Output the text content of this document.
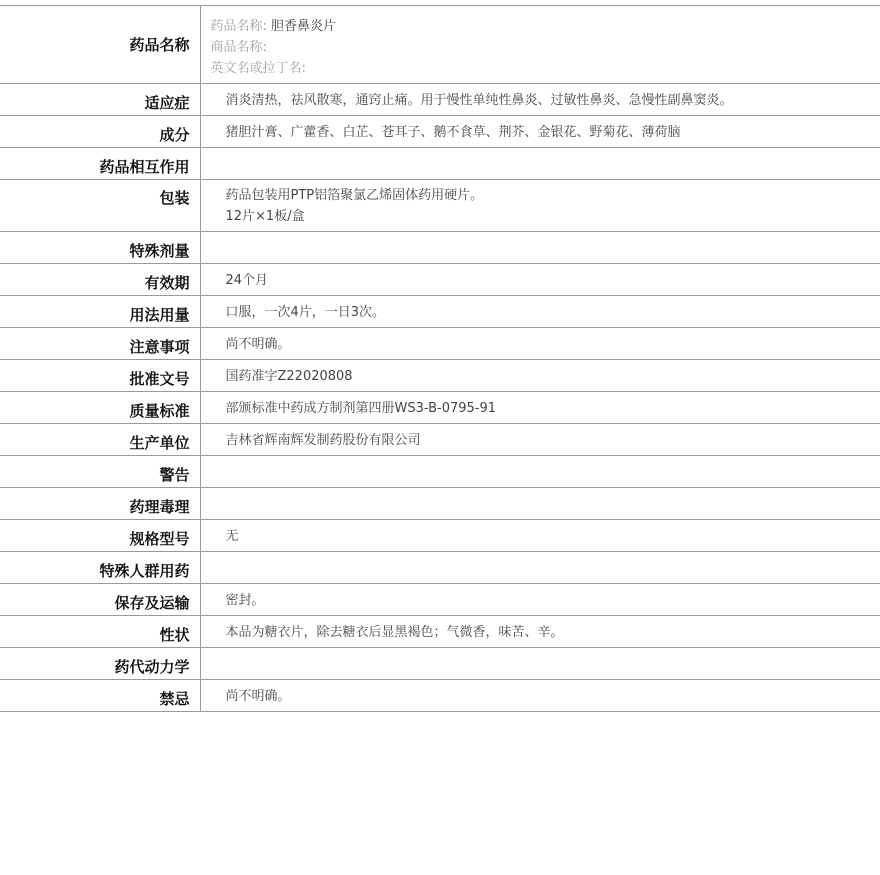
药品名称	药品名称: 胆香鼻炎片
商品名称:
英文名或拉丁名:

适应症	消炎清热，祛风散寒，通窍止痛。用于慢性单纯性鼻炎、过敏性鼻炎、急慢性副鼻窦炎。
成分	猪胆汁膏、广藿香、白芷、苍耳子、鹅不食草、荆芥、金银花、野菊花、薄荷脑
药品相互作用	
包装	药品包装用PTP铝箔聚氯乙烯固体药用硬片。
12片×1板/盒

特殊剂量	
有效期	24个月
用法用量	口服，一次4片，一日3次。
注意事项	尚不明确。
批准文号	国药准字Z22020808
质量标准	部颁标准中药成方制剂第四册WS3-B-0795-91
生产单位	吉林省辉南辉发制药股份有限公司
警告	
药理毒理	
规格型号	无
特殊人群用药	
保存及运输	密封。
性状	本品为糖衣片，除去糖衣后显黑褐色；气微香，味苦、辛。
药代动力学	
禁忌	尚不明确。
